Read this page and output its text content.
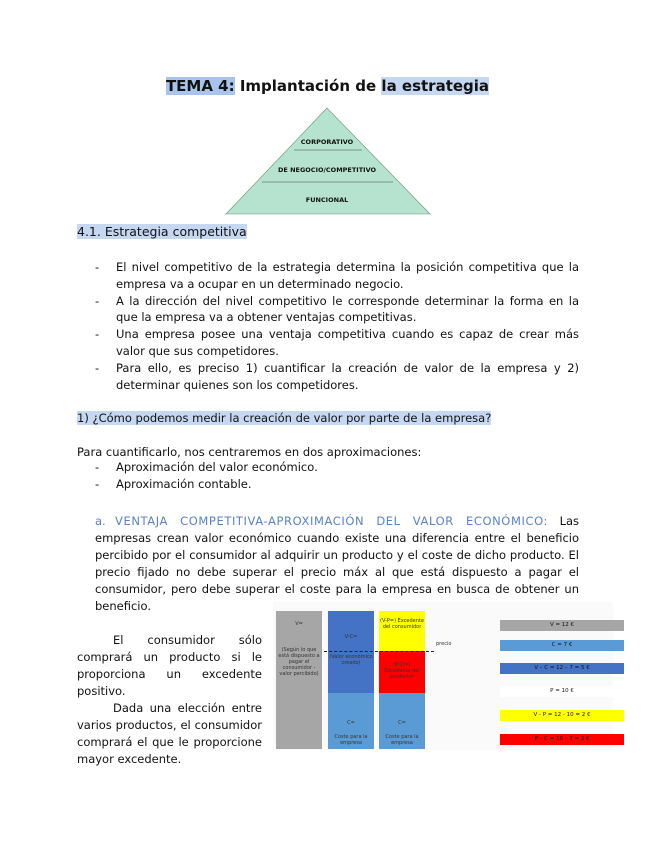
TEMA 4: Implantación de la estrategia
CORPORATIVO
DE NEGOCIO/COMPETITIVO
FUNCIONAL
4.1. Estrategia competitiva
-	El nivel competitivo de la estrategia determina la posición competitiva que la empresa va a ocupar en un determinado negocio.
-	A la dirección del nivel competitivo le corresponde determinar la forma en la que la empresa va a obtener ventajas competitivas.
-	Una empresa posee una ventaja competitiva cuando es capaz de crear más valor que sus competidores.
-	Para ello, es preciso 1) cuantificar la creación de valor de la empresa y 2) determinar quienes son los competidores.
1) ¿Cómo podemos medir la creación de valor por parte de la empresa?
Para cuantificarlo, nos centraremos en dos aproximaciones:
-	Aproximación del valor económico.
-	Aproximación contable.
a. VENTAJA COMPETITIVA-APROXIMACIÓN DEL VALOR ECONÓMICO: Las empresas crean valor económico cuando existe una diferencia entre el beneficio percibido por el consumidor al adquirir un producto y el coste de dicho producto. El precio fijado no debe superar el precio máx al que está dispuesto a pagar el consumidor, pero debe superar el coste para la empresa en busca de obtener un beneficio.

El consumidor sólo comprará un producto si le proporciona un excedente positivo.

Dada una elección entre varios productos, el consumidor comprará el que le proporcione mayor excedente.

V=
(Según lo que está dispuesto a pagar el consumidor -valor percibido)
V-C=
(Valor económico creado)
C=
Coste para la empresa
(V-P=) Excedente del consumidor
(P-C=) Excedente del productor
C=
Coste para la empresa
precio
V = 12 €
C = 7 €
V – C = 12 – 7 = 5 €
P = 10 €
V - P = 12 - 10 = 2 €
P – C = 10 – 7 = 3 €
